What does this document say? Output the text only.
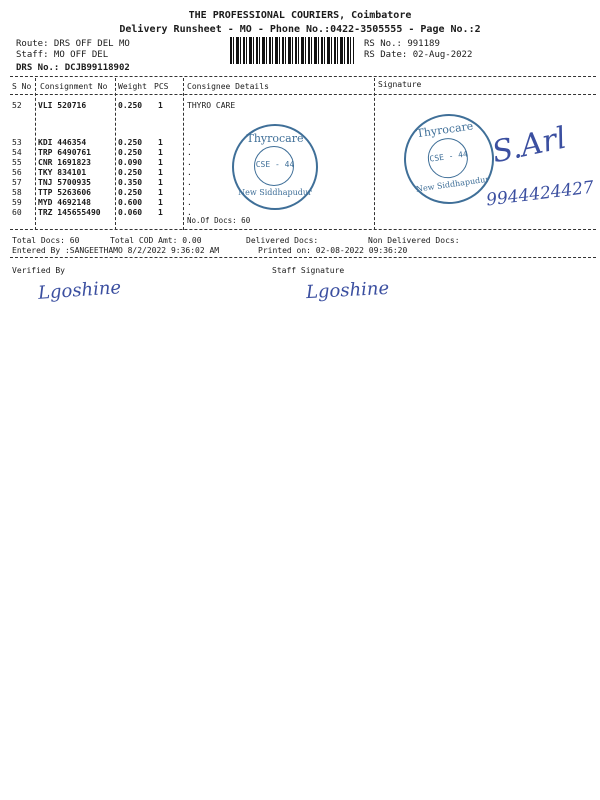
THE PROFESSIONAL COURIERS, Coimbatore
Delivery Runsheet - MO - Phone No.:0422-3505555 - Page No.:2
Route: DRS OFF DEL MO
Staff: MO OFF DEL
DRS No.: DCJB99118902
RS No.: 991189
RS Date: 02-Aug-2022
S No Consignment No Weight PCS Consignee Details	Signature
52 VLI 520716	0.250 1	THYRO CARE
53 KDI 446354	0.250 1	.
54 TRP 6490761	0.250 1	.
55 CNR 1691823	0.090 1	.
56 TKY 834101	0.250 1	.
57 TNJ 5700935	0.350 1	.
58 TTP 5263606	0.250 1	.
59 MYD 4692148	0.600 1	.
60 TRZ 145655490 0.060 1	.
No.Of Docs: 60
Thyrocare
CSE - 44
New Siddhapudur
Thyrocare
CSE - 44
New Siddhapudur
S.Arl
9944424427
Total Docs: 60	Total COD Amt: 0.00	Delivered Docs:	Non Delivered Docs:
Entered By :SANGEETHAMO 8/2/2022 9:36:02 AM	Printed on: 02-08-2022 09:36:20
Verified By	Staff Signature
Lgoshine	Lgoshine
